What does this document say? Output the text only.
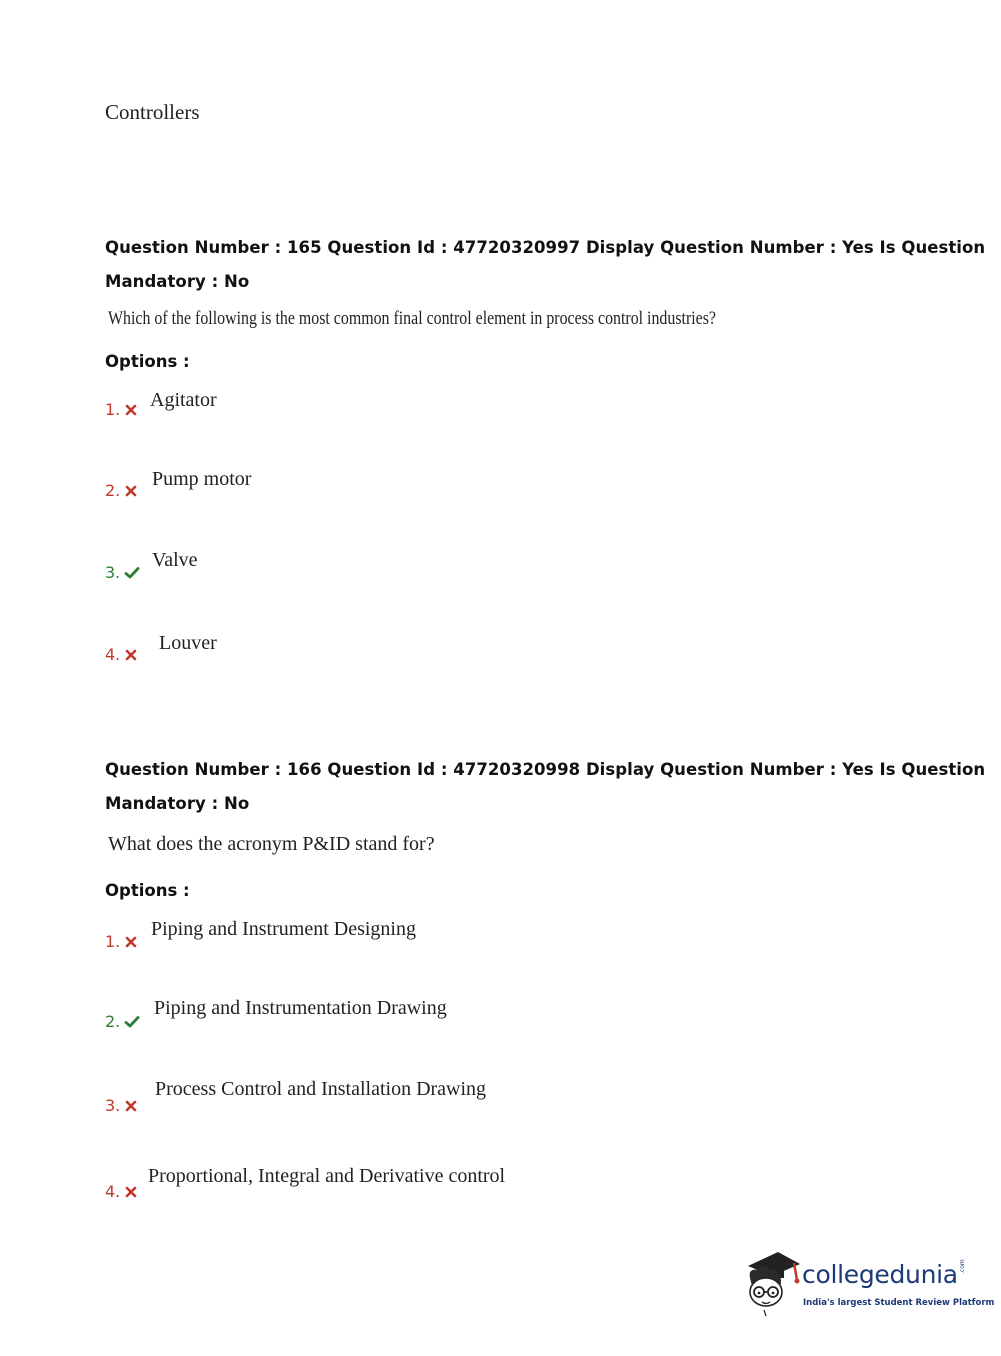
Controllers
Question Number : 165 Question Id : 47720320997 Display Question Number : Yes Is Question
Mandatory : No
Which of the following is the most common final control element in process control industries?
Options :
1. Agitator
2.
Pump motor
3.
Valve
4.
Louver
Question Number : 166 Question Id : 47720320998 Display Question Number : Yes Is Question
Mandatory : No
What does the acronym P&ID stand for?
Options :
1.
Piping and Instrument Designing
2.
Piping and Instrumentation Drawing
3.
Process Control and Installation Drawing
4.
Proportional, Integral and Derivative control
collegedunia .com
India's largest Student Review Platform
